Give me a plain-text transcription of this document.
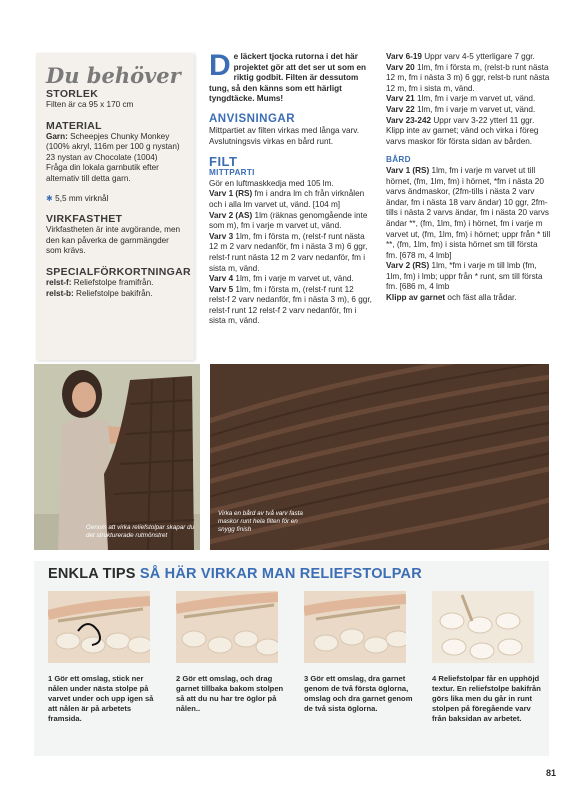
Du behöver
STORLEK
Filten är ca 95 x 170 cm
MATERIAL
Garn: Scheepjes Chunky Monkey (100% akryl, 116m per 100 g nystan)
23 nystan av Chocolate (1004)
Fråga din lokala garnbutik efter alternativ till detta garn.
✱ 5,5 mm virknål
VIRKFASTHET
Virkfastheten är inte avgörande, men den kan påverka de garnmängder som krävs.
SPECIALFÖRKORTNINGAR
relst-f: Reliefstolpe framifrån.
relst-b: Reliefstolpe bakifrån.
De läckert tjocka rutorna i det här projektet gör att det ser ut som en riktig godbit. Filten är dessutom tung, så den känns som ett härligt tyngdtäcke. Mums!
ANVISNINGAR
Mittpartiet av filten virkas med långa varv. Avslutningsvis virkas en bård runt.
FILT
MITTPARTI
Gör en luftmaskkedja med 105 lm.
Varv 1 (RS) fm i andra lm ch från virknålen och i alla lm varvet ut, vänd. [104 m]
Varv 2 (AS) 1lm (räknas genomgående inte som m), fm i varje m varvet ut, vänd.
Varv 3 1lm, fm i första m, (relst-f runt nästa 12 m 2 varv nedanför, fm i nästa 3 m) 6 ggr, relst-f runt nästa 12 m 2 varv nedanför, fm i sista m, vänd.
Varv 4 1lm, fm i varje m varvet ut, vänd.
Varv 5 1lm, fm i första m, (relst-f runt 12 relst-f 2 varv nedanför, fm i nästa 3 m), 6 ggr, relst-f runt 12 relst-f 2 varv nedanför, fm i sista m, vänd.
Varv 6-19 Uppr varv 4-5 ytterligare 7 ggr.
Varv 20 1lm, fm i första m, (relst-b runt nästa 12 m, fm i nästa 3 m) 6 ggr, relst-b runt nästa 12 m, fm i sista m, vänd.
Varv 21 1lm, fm i varje m varvet ut, vänd.
Varv 22 1lm, fm i varje m varvet ut, vänd.
Varv 23-242 Uppr varv 3-22 ytterl 11 ggr. Klipp inte av garnet; vänd och virka i föreg varvs maskor för första sidan av bården.
BÅRD
Varv 1 (RS) 1lm, fm i varje m varvet ut till hörnet, (fm, 1lm, fm) i hörnet, *fm i nästa 20 varvs ändmaskor, (2fm-tills i nästa 2 varv ändar, fm i nästa 18 varv ändar) 10 ggr, 2fm-tills i nästa 2 varvs ändar, fm i nästa 20 varvs ändar **, (fm, 1lm, fm) i hörnet, fm i varje m varvet ut, (fm, 1lm, fm) i hörnet; uppr från * till **, (fm, 1lm, fm) i sista hörnet sm till första fm. [678 m, 4 lmb]
Varv 2 (RS) 1lm, *fm i varje m till lmb (fm, 1lm, fm) i lmb; uppr från * runt, sm till första fm. [686 m, 4 lmb
Klipp av garnet och fäst alla trådar.
Genom att virka reliefstolpar skapar du det strukturerade rutmönstret
Virka en bård av två varv fasta maskor runt hela filten för en snygg finish
ENKLA TIPS SÅ HÄR VIRKAR MAN RELIEFSTOLPAR
1 Gör ett omslag, stick ner nålen under nästa stolpe på varvet under och upp igen så att nålen är på arbetets framsida.
2 Gör ett omslag, och drag garnet tillbaka bakom stolpen så att du nu har tre öglor på nålen..
3 Gör ett omslag, dra garnet genom de två första öglorna, omslag och dra garnet genom de två sista öglorna.
4 Reliefstolpar får en upphöjd textur. En reliefstolpe bakifrån görs lika men du går in runt stolpen på föregående varv från baksidan av arbetet.
81
PassionForum.ru
